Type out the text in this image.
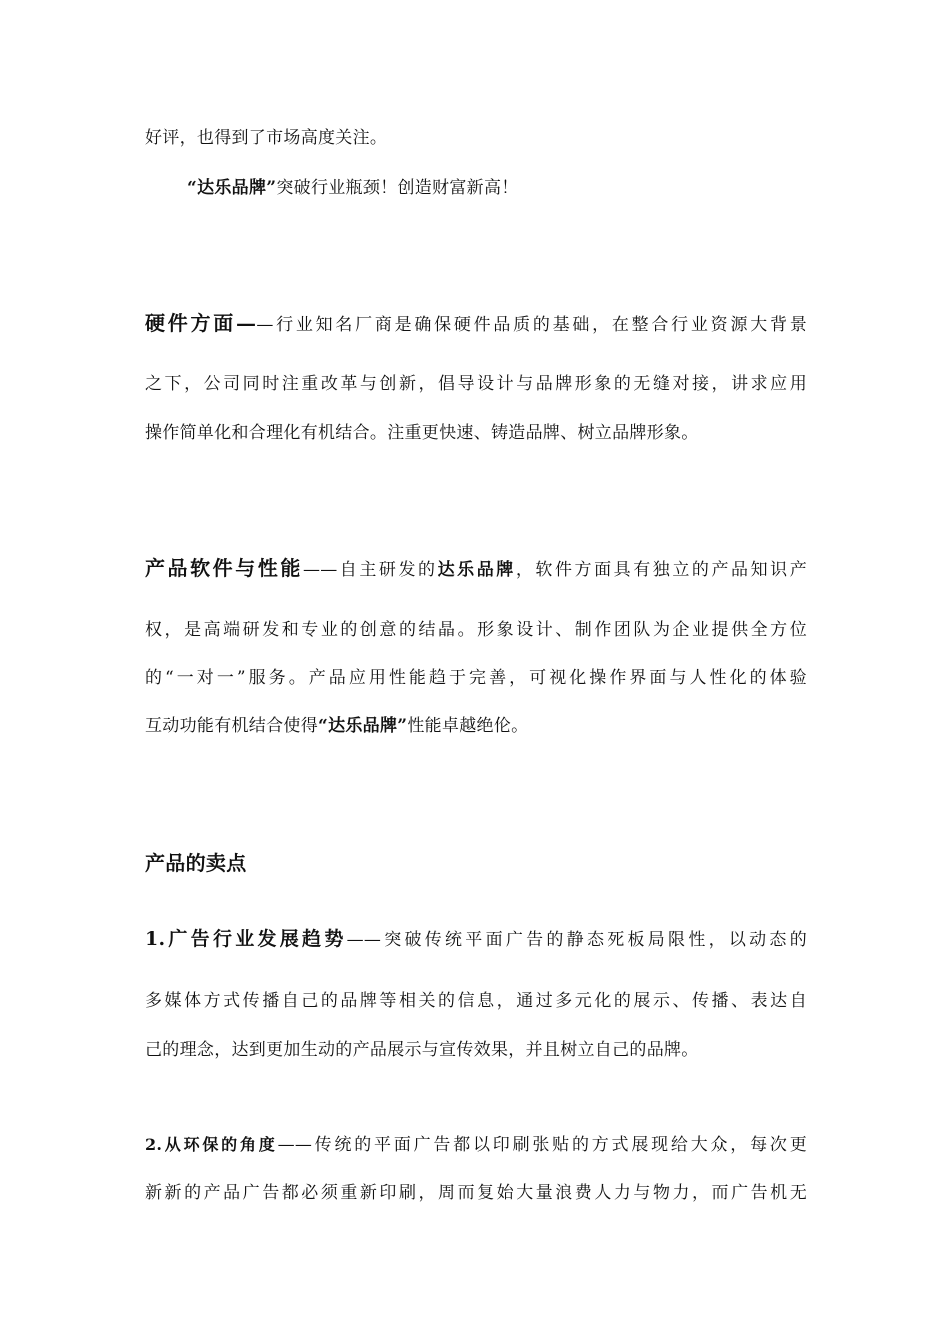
好评，也得到了市场高度关注。
“达乐品牌”突破行业瓶颈！创造财富新高！
硬件方面——行业知名厂商是确保硬件品质的基础，在整合行业资源大背景
之下，公司同时注重改革与创新，倡导设计与品牌形象的无缝对接，讲求应用
操作简单化和合理化有机结合。注重更快速、铸造品牌、树立品牌形象。
产品软件与性能——自主研发的达乐品牌，软件方面具有独立的产品知识产
权，是高端研发和专业的创意的结晶。形象设计、制作团队为企业提供全方位
的“一对一”服务。产品应用性能趋于完善，可视化操作界面与人性化的体验
互动功能有机结合使得“达乐品牌”性能卓越绝伦。
产品的卖点
1.广告行业发展趋势——突破传统平面广告的静态死板局限性，以动态的
多媒体方式传播自己的品牌等相关的信息，通过多元化的展示、传播、表达自
己的理念，达到更加生动的产品展示与宣传效果，并且树立自己的品牌。
2.从环保的角度——传统的平面广告都以印刷张贴的方式展现给大众，每次更
新新的产品广告都必须重新印刷，周而复始大量浪费人力与物力，而广告机无
